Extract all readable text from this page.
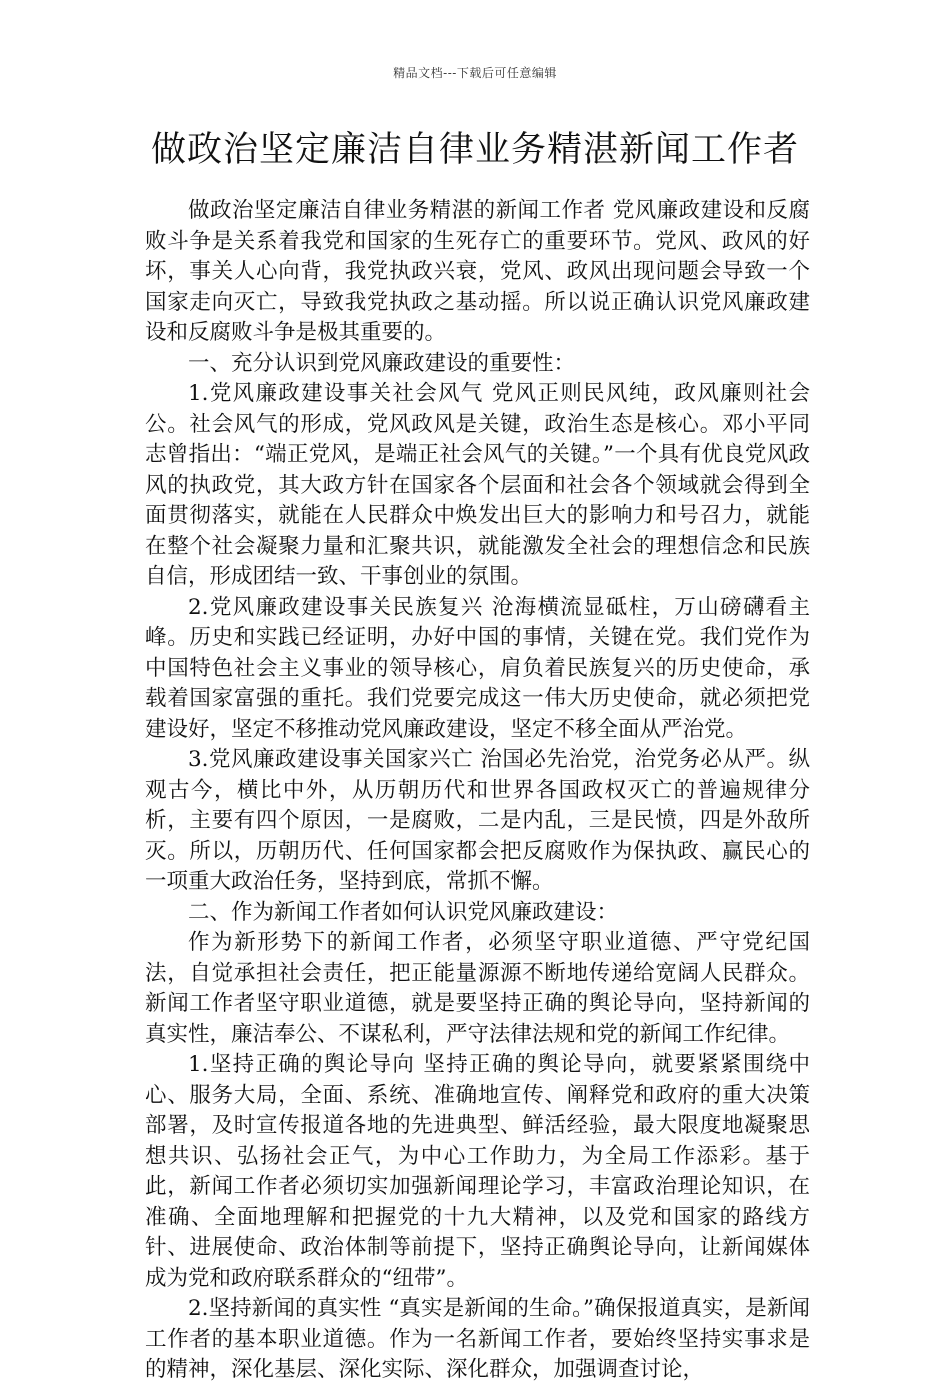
精品文档---下载后可任意编辑
做政治坚定廉洁自律业务精湛新闻工作者

做政治坚定廉洁自律业务精湛的新闻工作者 党风廉政建设和反腐败斗争是关系着我党和国家的生死存亡的重要环节。党风、政风的好坏，事关人心向背，我党执政兴衰，党风、政风出现问题会导致一个国家走向灭亡，导致我党执政之基动摇。所以说正确认识党风廉政建设和反腐败斗争是极其重要的。

一、充分认识到党风廉政建设的重要性：

1.党风廉政建设事关社会风气 党风正则民风纯，政风廉则社会公。社会风气的形成，党风政风是关键，政治生态是核心。邓小平同志曾指出：“端正党风，是端正社会风气的关键。”一个具有优良党风政风的执政党，其大政方针在国家各个层面和社会各个领域就会得到全面贯彻落实，就能在人民群众中焕发出巨大的影响力和号召力，就能在整个社会凝聚力量和汇聚共识，就能激发全社会的理想信念和民族自信，形成团结一致、干事创业的氛围。

2.党风廉政建设事关民族复兴 沧海横流显砥柱，万山磅礴看主峰。历史和实践已经证明，办好中国的事情，关键在党。我们党作为中国特色社会主义事业的领导核心，肩负着民族复兴的历史使命，承载着国家富强的重托。我们党要完成这一伟大历史使命，就必须把党建设好，坚定不移推动党风廉政建设，坚定不移全面从严治党。

3.党风廉政建设事关国家兴亡 治国必先治党，治党务必从严。纵观古今，横比中外，从历朝历代和世界各国政权灭亡的普遍规律分析，主要有四个原因，一是腐败，二是内乱，三是民愤，四是外敌所灭。所以，历朝历代、任何国家都会把反腐败作为保执政、赢民心的一项重大政治任务，坚持到底，常抓不懈。

二、作为新闻工作者如何认识党风廉政建设：

作为新形势下的新闻工作者，必须坚守职业道德、严守党纪国法，自觉承担社会责任，把正能量源源不断地传递给宽阔人民群众。新闻工作者坚守职业道德，就是要坚持正确的舆论导向，坚持新闻的真实性，廉洁奉公、不谋私利，严守法律法规和党的新闻工作纪律。

1.坚持正确的舆论导向 坚持正确的舆论导向，就要紧紧围绕中心、服务大局，全面、系统、准确地宣传、阐释党和政府的重大决策部署，及时宣传报道各地的先进典型、鲜活经验，最大限度地凝聚思想共识、弘扬社会正气，为中心工作助力，为全局工作添彩。基于此，新闻工作者必须切实加强新闻理论学习，丰富政治理论知识，在准确、全面地理解和把握党的十九大精神，以及党和国家的路线方针、进展使命、政治体制等前提下，坚持正确舆论导向，让新闻媒体成为党和政府联系群众的“纽带”。

2.坚持新闻的真实性 “真实是新闻的生命。”确保报道真实，是新闻工作者的基本职业道德。作为一名新闻工作者，要始终坚持实事求是的精神，深化基层、深化实际、深化群众，加强调查讨论，
